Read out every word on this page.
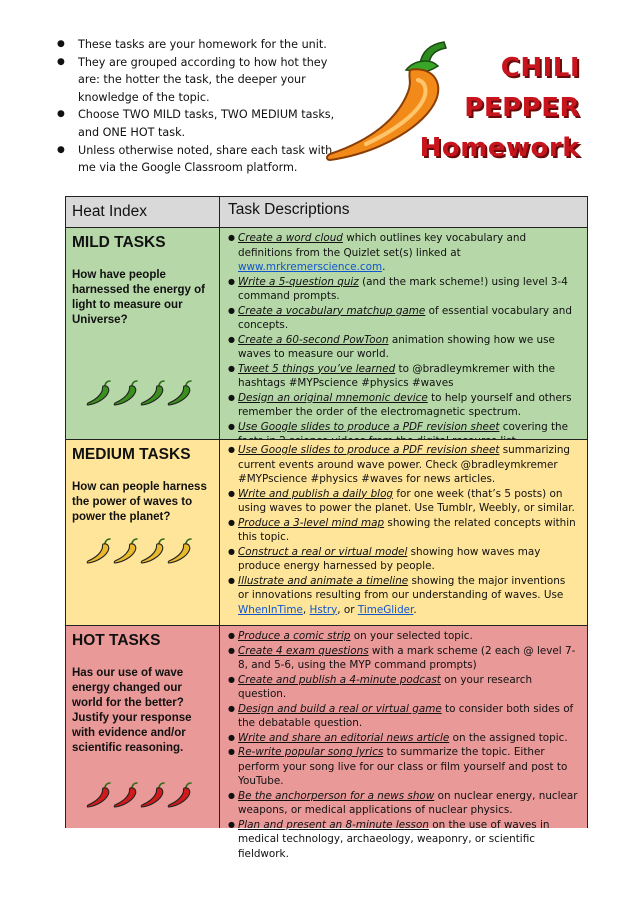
● These tasks are your homework for the unit.
● They are grouped according to how hot they are: the hotter the task, the deeper your knowledge of the topic.
● Choose TWO MILD tasks, TWO MEDIUM tasks, and ONE HOT task.
● Unless otherwise noted, share each task with me via the Google Classroom platform.
CHILI
PEPPER
Homework
Heat Index	Task Descriptions
MILD TASKS
How have people harnessed the energy of light to measure our Universe?
● Create a word cloud which outlines key vocabulary and definitions from the Quizlet set(s) linked at www.mrkremerscience.com.
● Write a 5-question quiz (and the mark scheme!) using level 3-4 command prompts.
● Create a vocabulary matchup game of essential vocabulary and concepts.
● Create a 60-second PowToon animation showing how we use waves to measure our world.
● Tweet 5 things you’ve learned to @bradleymkremer with the hashtags #MYPscience #physics #waves
● Design an original mnemonic device to help yourself and others remember the order of the electromagnetic spectrum.
● Use Google slides to produce a PDF revision sheet covering the
MEDIUM TASKS
How can people harness the power of waves to power the planet?
● Use Google slides to produce a PDF revision sheet summarizing current events around wave power. Check @bradleymkremer #MYPscience #physics #waves for news articles.
● Write and publish a daily blog for one week (that’s 5 posts) on using waves to power the planet. Use Tumblr, Weebly, or similar.
● Produce a 3-level mind map showing the related concepts within this topic.
● Construct a real or virtual model showing how waves may produce energy harnessed by people.
● Illustrate and animate a timeline showing the major inventions or innovations resulting from our understanding of waves. Use WhenInTime, Hstry, or TimeGlider.
HOT TASKS
Has our use of wave energy changed our world for the better? Justify your response with evidence and/or scientific reasoning.
● Produce a comic strip on your selected topic.
● Create 4 exam questions with a mark scheme (2 each @ level 7-8, and 5-6, using the MYP command prompts)
● Create and publish a 4-minute podcast on your research question.
● Design and build a real or virtual game to consider both sides of the debatable question.
● Write and share an editorial news article on the assigned topic.
● Re-write popular song lyrics to summarize the topic. Either perform your song live for our class or film yourself and post to YouTube.
● Be the anchorperson for a news show on nuclear energy, nuclear weapons, or medical applications of nuclear physics.
● Plan and present an 8-minute lesson on the use of waves in medical technology, archaeology, weaponry, or scientific fieldwork.
